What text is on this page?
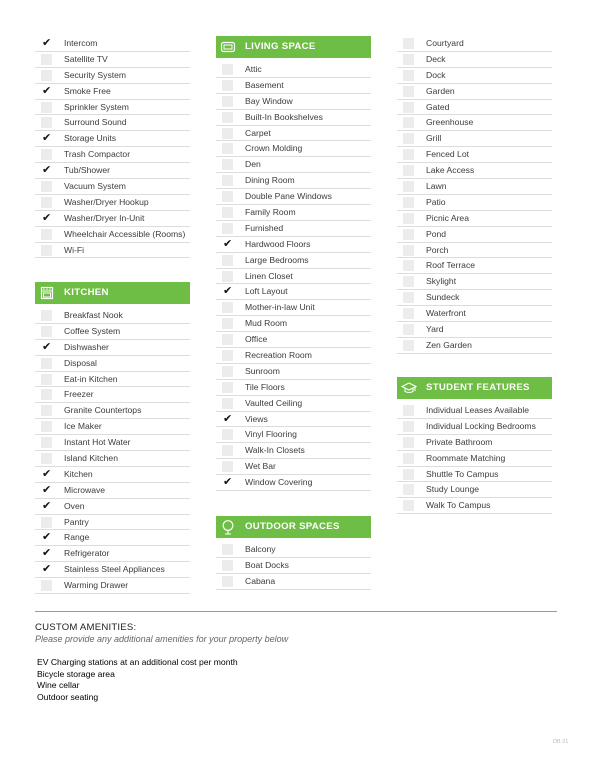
✔ Intercom
Satellite TV
Security System
✔ Smoke Free
Sprinkler System
Surround Sound
✔ Storage Units
Trash Compactor
✔ Tub/Shower
Vacuum System
Washer/Dryer Hookup
✔ Washer/Dryer In-Unit
Wheelchair Accessible (Rooms)
Wi-Fi
KITCHEN
Breakfast Nook
Coffee System
✔ Dishwasher
Disposal
Eat-in Kitchen
Freezer
Granite Countertops
Ice Maker
Instant Hot Water
Island Kitchen
✔ Kitchen
✔ Microwave
✔ Oven
Pantry
✔ Range
✔ Refrigerator
✔ Stainless Steel Appliances
Warming Drawer
LIVING SPACE
Attic
Basement
Bay Window
Built-In Bookshelves
Carpet
Crown Molding
Den
Dining Room
Double Pane Windows
Family Room
Furnished
✔ Hardwood Floors
Large Bedrooms
Linen Closet
✔ Loft Layout
Mother-in-law Unit
Mud Room
Office
Recreation Room
Sunroom
Tile Floors
Vaulted Ceiling
✔ Views
Vinyl Flooring
Walk-In Closets
Wet Bar
✔ Window Covering
OUTDOOR SPACES
Balcony
Boat Docks
Cabana
Courtyard
Deck
Dock
Garden
Gated
Greenhouse
Grill
Fenced Lot
Lake Access
Lawn
Patio
Picnic Area
Pond
Porch
Roof Terrace
Skylight
Sundeck
Waterfront
Yard
Zen Garden
STUDENT FEATURES
Individual Leases Available
Individual Locking Bedrooms
Private Bathroom
Roommate Matching
Shuttle To Campus
Study Lounge
Walk To Campus
CUSTOM AMENITIES:
Please provide any additional amenities for your property below
EV Charging stations at an additional cost per month
Bicycle storage area
Wine cellar
Outdoor seating
DB 21
